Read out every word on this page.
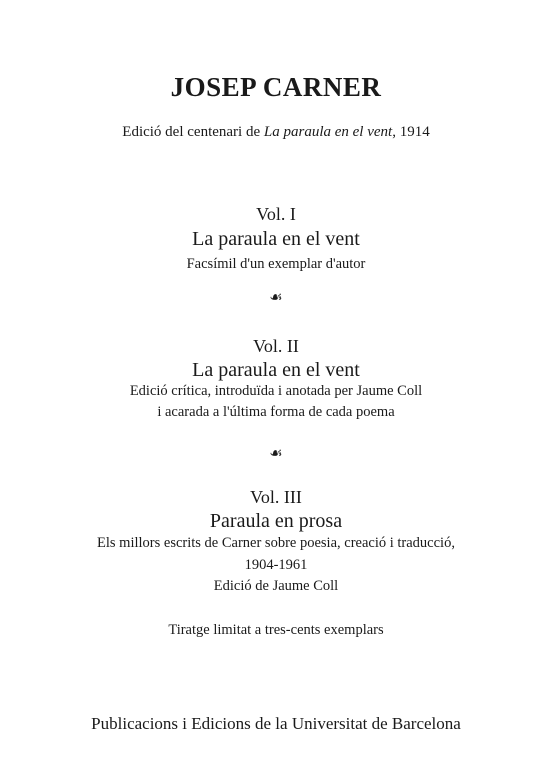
JOSEP CARNER
Edició del centenari de La paraula en el vent, 1914
Vol. I
La paraula en el vent
Facsímil d'un exemplar d'autor
☙
Vol. II
La paraula en el vent
Edició crítica, introduïda i anotada per Jaume Coll
i acarada a l'última forma de cada poema
☙
Vol. III
Paraula en prosa
Els millors escrits de Carner sobre poesia, creació i traducció,
1904-1961
Edició de Jaume Coll
Tiratge limitat a tres-cents exemplars
Publicacions i Edicions de la Universitat de Barcelona
